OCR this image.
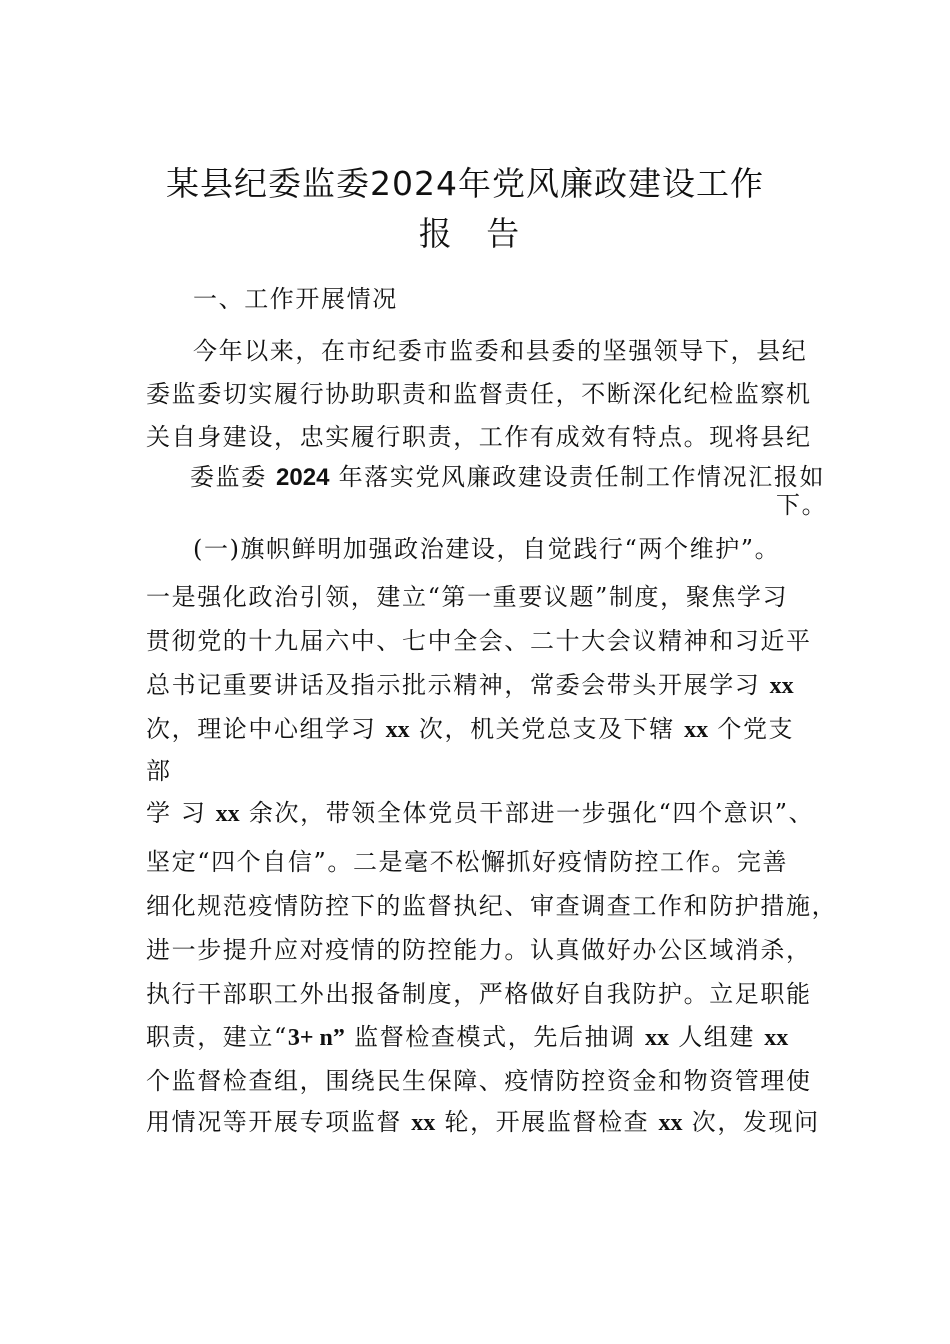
某县纪委监委2024年党风廉政建设工作
报 告
一、工作开展情况
今年以来，在市纪委市监委和县委的坚强领导下，县纪
委监委切实履行协助职责和监督责任，不断深化纪检监察机
关自身建设，忠实履行职责，工作有成效有特点。现将县纪
委监委 2024 年落实党风廉政建设责任制工作情况汇报如
下。
(一)旗帜鲜明加强政治建设，自觉践行“两个维护”。
一是强化政治引领，建立“第一重要议题”制度，聚焦学习
贯彻党的十九届六中、七中全会、二十大会议精神和习近平
总书记重要讲话及指示批示精神，常委会带头开展学习 xx
次，理论中心组学习 xx 次，机关党总支及下辖 xx 个党支
部
学 习 xx 余次，带领全体党员干部进一步强化“四个意识”、
坚定“四个自信”。二是毫不松懈抓好疫情防控工作。完善
细化规范疫情防控下的监督执纪、审查调查工作和防护措施，
进一步提升应对疫情的防控能力。认真做好办公区域消杀，
执行干部职工外出报备制度，严格做好自我防护。立足职能
职责，建立“3+ n” 监督检查模式，先后抽调 xx 人组建 xx
个监督检查组，围绕民生保障、疫情防控资金和物资管理使
用情况等开展专项监督 xx 轮，开展监督检查 xx 次，发现问
